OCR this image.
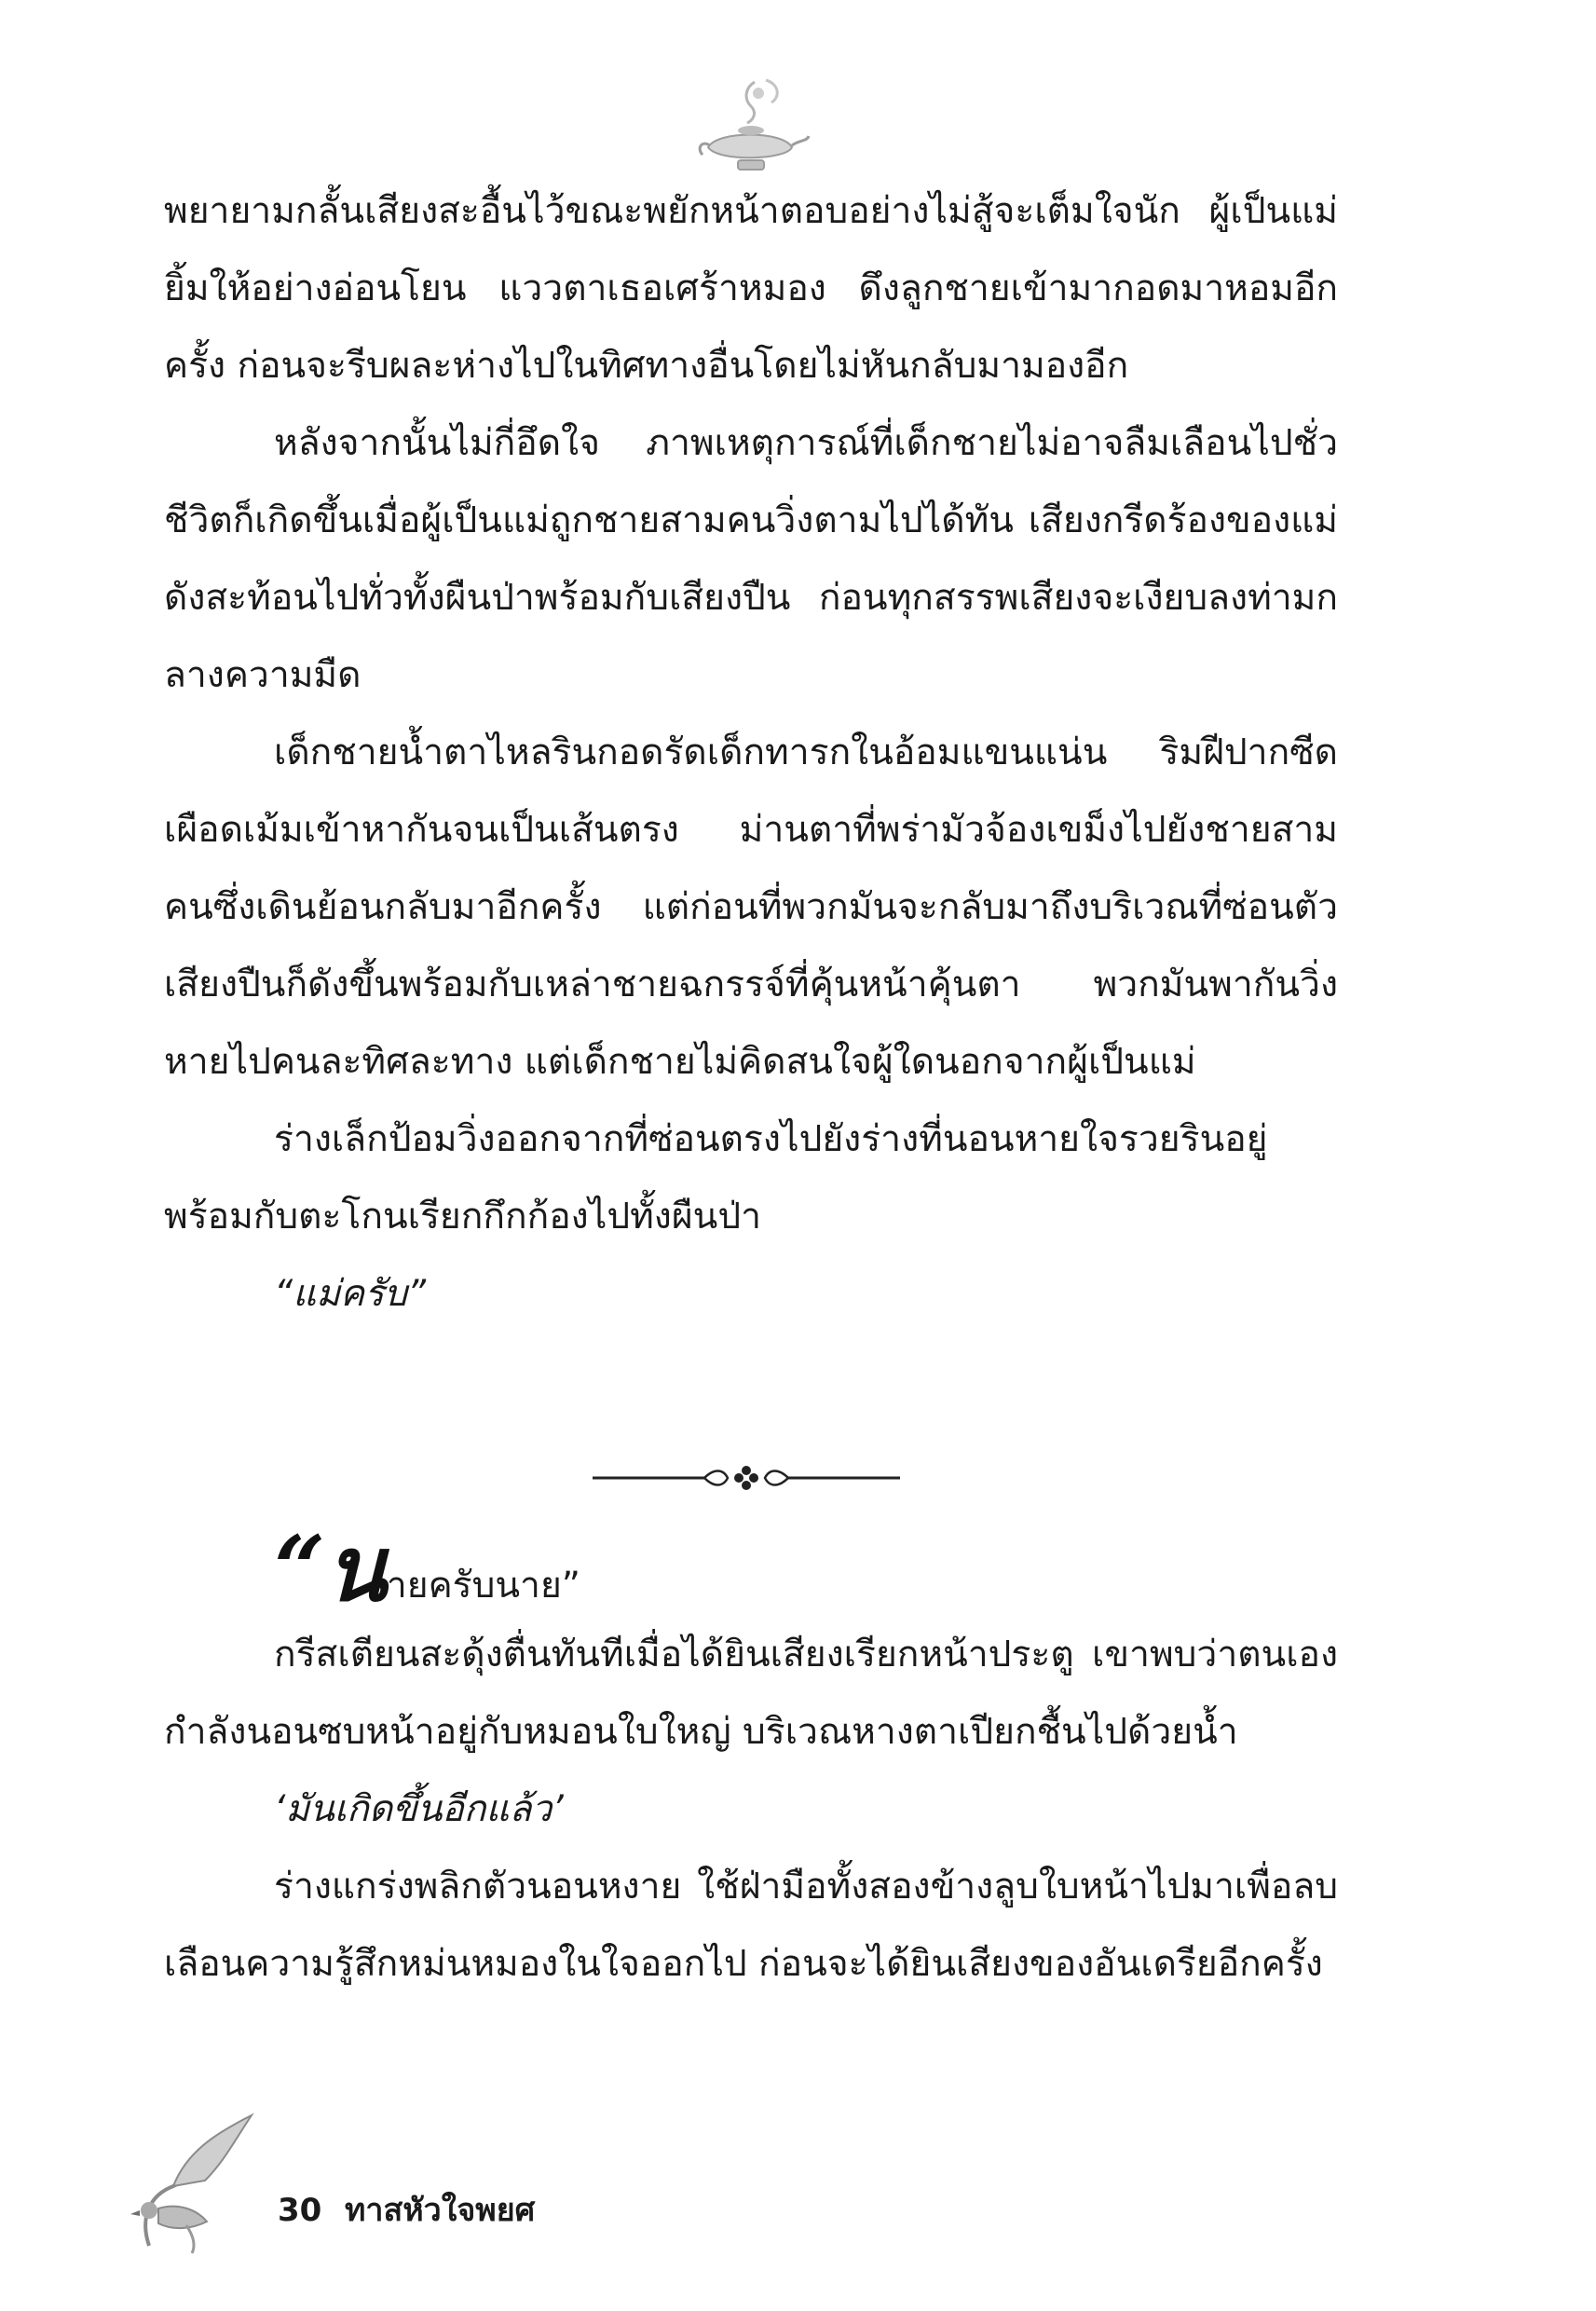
พยายามกลั้นเสียงสะอื้นไว้ขณะพยักหน้าตอบอย่างไม่สู้จะเต็มใจนัก ผู้เป็นแม่ยิ้มให้อย่างอ่อนโยน แววตาเธอเศร้าหมอง ดึงลูกชายเข้ามากอดมาหอมอีกครั้ง ก่อนจะรีบผละห่างไปในทิศทางอื่นโดยไม่หันกลับมามองอีก

หลังจากนั้นไม่กี่อึดใจ ภาพเหตุการณ์ที่เด็กชายไม่อาจลืมเลือนไปชั่วชีวิตก็เกิดขึ้นเมื่อผู้เป็นแม่ถูกชายสามคนวิ่งตามไปได้ทัน เสียงกรีดร้องของแม่ดังสะท้อนไปทั่วทั้งผืนป่าพร้อมกับเสียงปืน ก่อนทุกสรรพเสียงจะเงียบลงท่ามกลางความมืด

เด็กชายน้ำตาไหลรินกอดรัดเด็กทารกในอ้อมแขนแน่น ริมฝีปากซีดเผือดเม้มเข้าหากันจนเป็นเส้นตรง ม่านตาที่พร่ามัวจ้องเขม็งไปยังชายสามคนซึ่งเดินย้อนกลับมาอีกครั้ง แต่ก่อนที่พวกมันจะกลับมาถึงบริเวณที่ซ่อนตัว เสียงปืนก็ดังขึ้นพร้อมกับเหล่าชายฉกรรจ์ที่คุ้นหน้าคุ้นตา พวกมันพากันวิ่งหายไปคนละทิศละทาง แต่เด็กชายไม่คิดสนใจผู้ใดนอกจากผู้เป็นแม่

ร่างเล็กป้อมวิ่งออกจากที่ซ่อนตรงไปยังร่างที่นอนหายใจรวยรินอยู่พร้อมกับตะโกนเรียกกึกก้องไปทั้งผืนป่า

“แม่ครับ”

“น ายครับนาย”

กรีสเตียนสะดุ้งตื่นทันทีเมื่อได้ยินเสียงเรียกหน้าประตู เขาพบว่าตนเองกำลังนอนซบหน้าอยู่กับหมอนใบใหญ่ บริเวณหางตาเปียกชื้นไปด้วยน้ำ

‘มันเกิดขึ้นอีกแล้ว’

ร่างแกร่งพลิกตัวนอนหงาย ใช้ฝ่ามือทั้งสองข้างลูบใบหน้าไปมาเพื่อลบเลือนความรู้สึกหม่นหมองในใจออกไป ก่อนจะได้ยินเสียงของอันเดรียอีกครั้ง

30 ทาสหัวใจพยศ
